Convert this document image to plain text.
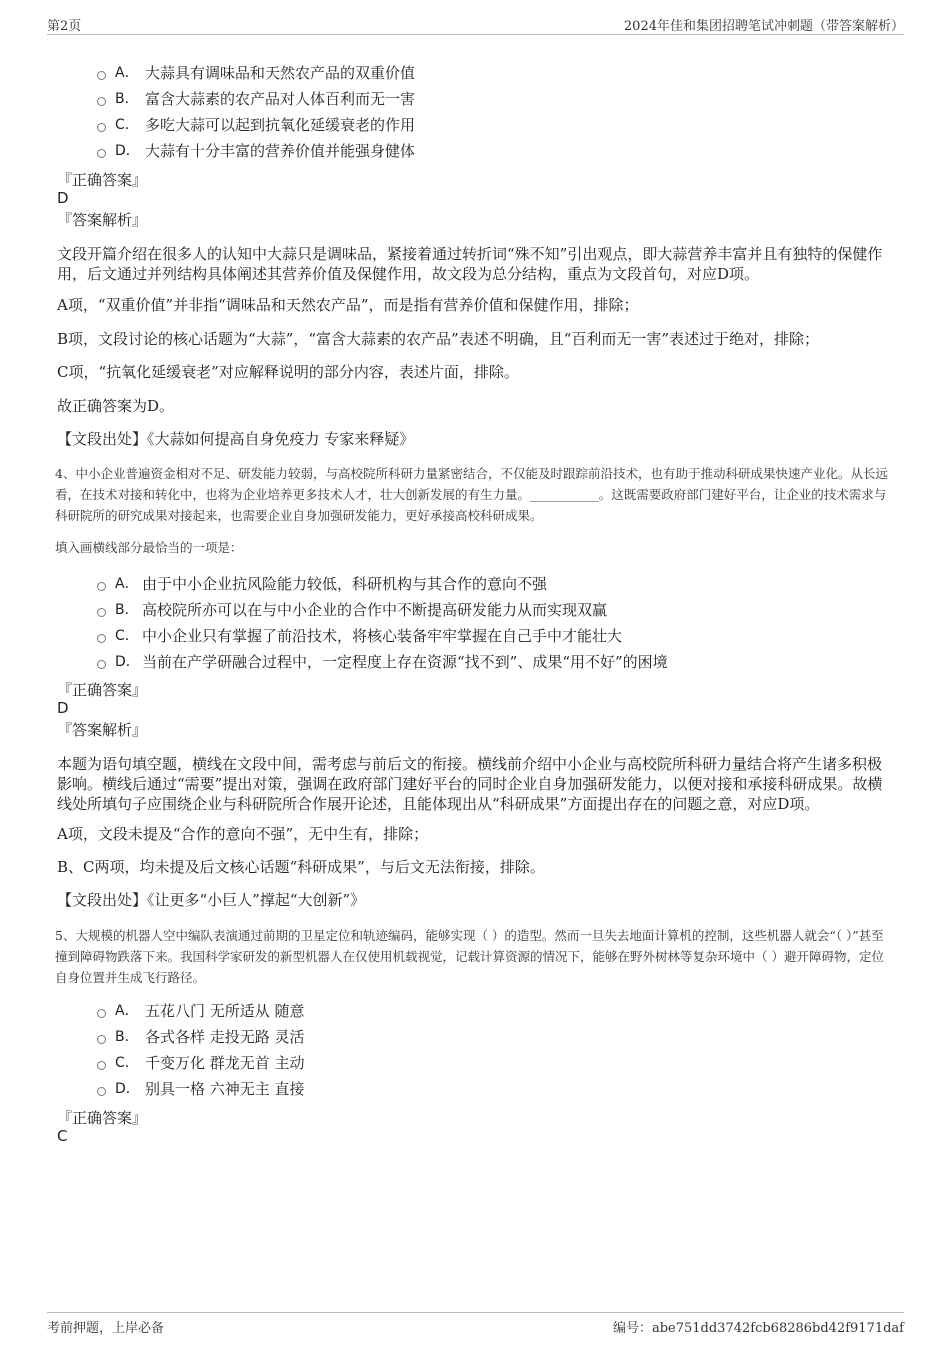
第2页	2024年佳和集团招聘笔试冲刺题（带答案解析）
A． 大蒜具有调味品和天然农产品的双重价值
B． 富含大蒜素的农产品对人体百利而无一害
C． 多吃大蒜可以起到抗氧化延缓衰老的作用
D． 大蒜有十分丰富的营养价值并能强身健体
『正确答案』
D
『答案解析』
文段开篇介绍在很多人的认知中大蒜只是调味品，紧接着通过转折词“殊不知”引出观点，即大蒜营养丰富并且有独特的保健作用，后文通过并列结构具体阐述其营养价值及保健作用，故文段为总分结构，重点为文段首句，对应D项。
A项，“双重价值”并非指“调味品和天然农产品”，而是指有营养价值和保健作用，排除；
B项，文段讨论的核心话题为“大蒜”，“富含大蒜素的农产品”表述不明确，且“百利而无一害”表述过于绝对，排除；
C项，“抗氧化延缓衰老”对应解释说明的部分内容，表述片面，排除。
故正确答案为D。
【文段出处】《大蒜如何提高自身免疫力 专家来释疑》
4、中小企业普遍资金相对不足、研发能力较弱，与高校院所科研力量紧密结合，不仅能及时跟踪前沿技术，也有助于推动科研成果快速产业化。从长远看，在技术对接和转化中，也将为企业培养更多技术人才，壮大创新发展的有生力量。___________。这既需要政府部门建好平台，让企业的技术需求与科研院所的研究成果对接起来，也需要企业自身加强研发能力，更好承接高校科研成果。
填入画横线部分最恰当的一项是：
A． 由于中小企业抗风险能力较低，科研机构与其合作的意向不强
B． 高校院所亦可以在与中小企业的合作中不断提高研发能力从而实现双赢
C． 中小企业只有掌握了前沿技术，将核心装备牢牢掌握在自己手中才能壮大
D． 当前在产学研融合过程中，一定程度上存在资源“找不到”、成果“用不好”的困境
『正确答案』
D
『答案解析』
本题为语句填空题，横线在文段中间，需考虑与前后文的衔接。横线前介绍中小企业与高校院所科研力量结合将产生诸多积极影响。横线后通过“需要”提出对策，强调在政府部门建好平台的同时企业自身加强研发能力，以便对接和承接科研成果。故横线处所填句子应围绕企业与科研院所合作展开论述，且能体现出从“科研成果”方面提出存在的问题之意，对应D项。
A项，文段未提及“合作的意向不强”，无中生有，排除；
B、C两项，均未提及后文核心话题“科研成果”，与后文无法衔接，排除。
【文段出处】《让更多“小巨人”撑起“大创新”》
5、大规模的机器人空中编队表演通过前期的卫星定位和轨迹编码，能够实现（ ）的造型。然而一旦失去地面计算机的控制，这些机器人就会“（ ）”甚至撞到障碍物跌落下来。我国科学家研发的新型机器人在仅使用机载视觉，记载计算资源的情况下，能够在野外树林等复杂环境中（ ）避开障碍物，定位自身位置并生成飞行路径。
A． 五花八门 无所适从 随意
B． 各式各样 走投无路 灵活
C． 千变万化 群龙无首 主动
D． 别具一格 六神无主 直接
『正确答案』
C
考前押题，上岸必备	编号：abe751dd3742fcb68286bd42f9171daf
